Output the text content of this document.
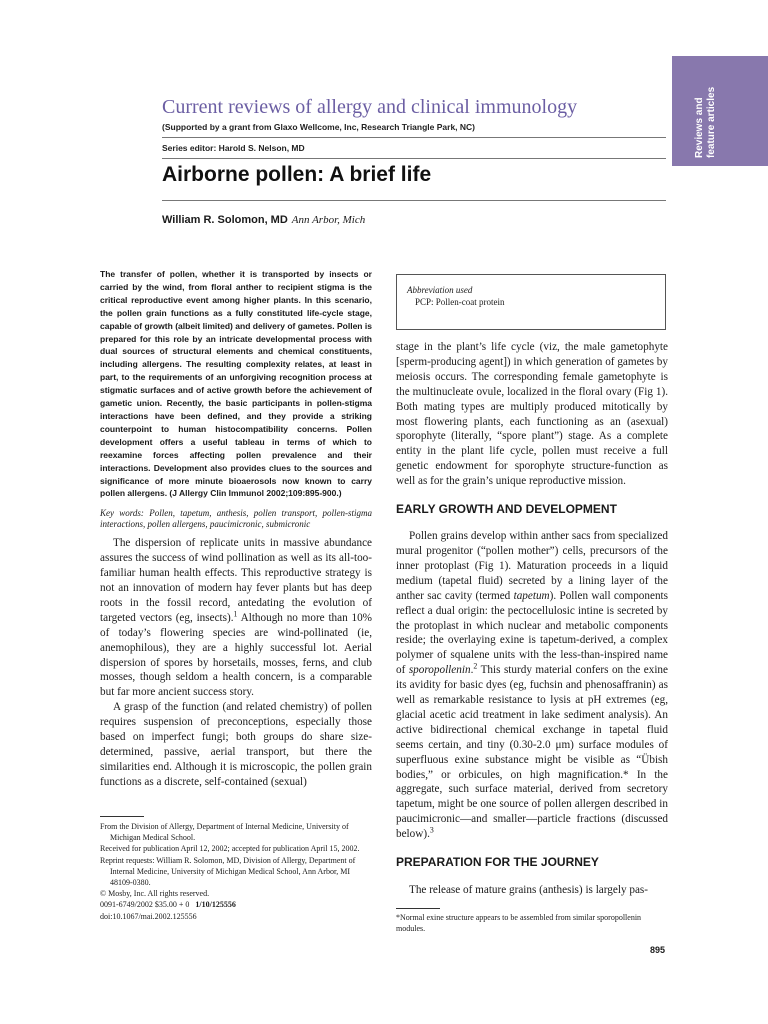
Reviews and feature articles
Current reviews of allergy and clinical immunology
(Supported by a grant from Glaxo Wellcome, Inc, Research Triangle Park, NC)
Series editor: Harold S. Nelson, MD
Airborne pollen: A brief life
William R. Solomon, MD Ann Arbor, Mich

The transfer of pollen, whether it is transported by insects or carried by the wind, from floral anther to recipient stigma is the critical reproductive event among higher plants. In this scenario, the pollen grain functions as a fully constituted life-cycle stage, capable of growth (albeit limited) and delivery of gametes. Pollen is prepared for this role by an intricate developmental process with dual sources of structural elements and chemical constituents, including allergens. The resulting complexity relates, at least in part, to the requirements of an unforgiving recognition process at stigmatic surfaces and of active growth before the achievement of gametic union. Recently, the basic participants in pollen-stigma interactions have been defined, and they provide a striking counterpoint to human histocompatibility concerns. Pollen development offers a useful tableau in terms of which to reexamine forces affecting pollen prevalence and their interactions. Development also provides clues to the sources and significance of more minute bioaerosols now known to carry pollen allergens. (J Allergy Clin Immunol 2002;109:895-900.)

Key words: Pollen, tapetum, anthesis, pollen transport, pollen-stigma interactions, pollen allergens, paucimicronic, submicronic

The dispersion of replicate units in massive abundance assures the success of wind pollination as well as its all-too-familiar human health effects. This reproductive strategy is not an innovation of modern hay fever plants but has deep roots in the fossil record, antedating the evolution of targeted vectors (eg, insects).$^1$ Although no more than 10% of today’s flowering species are wind-pollinated (ie, anemophilous), they are a highly successful lot. Aerial dispersion of spores by horsetails, mosses, ferns, and club mosses, though seldom a health concern, is a comparable but far more ancient success story.

A grasp of the function (and related chemistry) of pollen requires suspension of preconceptions, especially those based on imperfect fungi; both groups do share size-determined, passive, aerial transport, but there the similarities end. Although it is microscopic, the pollen grain functions as a discrete, self-contained (sexual)

Abbreviation used
PCP: Pollen-coat protein

stage in the plant’s life cycle (viz, the male gametophyte [sperm-producing agent]) in which generation of gametes by meiosis occurs. The corresponding female gametophyte is the multinucleate ovule, localized in the floral ovary (Fig 1). Both mating types are multiply produced mitotically by most flowering plants, each functioning as an (asexual) sporophyte (literally, “spore plant”) stage. As a complete entity in the plant life cycle, pollen must receive a full genetic endowment for sporophyte structure-function as well as for the grain’s unique reproductive mission.

EARLY GROWTH AND DEVELOPMENT

Pollen grains develop within anther sacs from specialized mural progenitor (“pollen mother”) cells, precursors of the inner protoplast (Fig 1). Maturation proceeds in a liquid medium (tapetal fluid) secreted by a lining layer of the anther sac cavity (termed tapetum). Pollen wall components reflect a dual origin: the pectocellulosic intine is secreted by the protoplast in which nuclear and metabolic components reside; the overlaying exine is tapetum-derived, a complex polymer of squalene units with the less-than-inspired name of sporopollenin.$^2$ This sturdy material confers on the exine its avidity for basic dyes (eg, fuchsin and phenosaffranin) as well as remarkable resistance to lysis at pH extremes (eg, glacial acetic acid treatment in lake sediment analysis). An active bidirectional chemical exchange in tapetal fluid seems certain, and tiny (0.30-2.0 μm) surface modules of superfluous exine substance might be visible as “Übish bodies,” or orbicules, on high magnification.* In the aggregate, such surface material, derived from secretory tapetum, might be one source of pollen allergen described in paucimicronic—and smaller—particle fractions (discussed below).$^3$

PREPARATION FOR THE JOURNEY

The release of mature grains (anthesis) is largely pas-

From the Division of Allergy, Department of Internal Medicine, University of Michigan Medical School.

Received for publication April 12, 2002; accepted for publication April 15, 2002.

Reprint requests: William R. Solomon, MD, Division of Allergy, Department of Internal Medicine, University of Michigan Medical School, Ann Arbor, MI 48109-0380.

© Mosby, Inc. All rights reserved.

0091-6749/2002 $35.00 + 0   1/10/125556

doi:10.1067/mai.2002.125556	*Normal exine structure appears to be assembled from similar sporopollenin modules.
895
